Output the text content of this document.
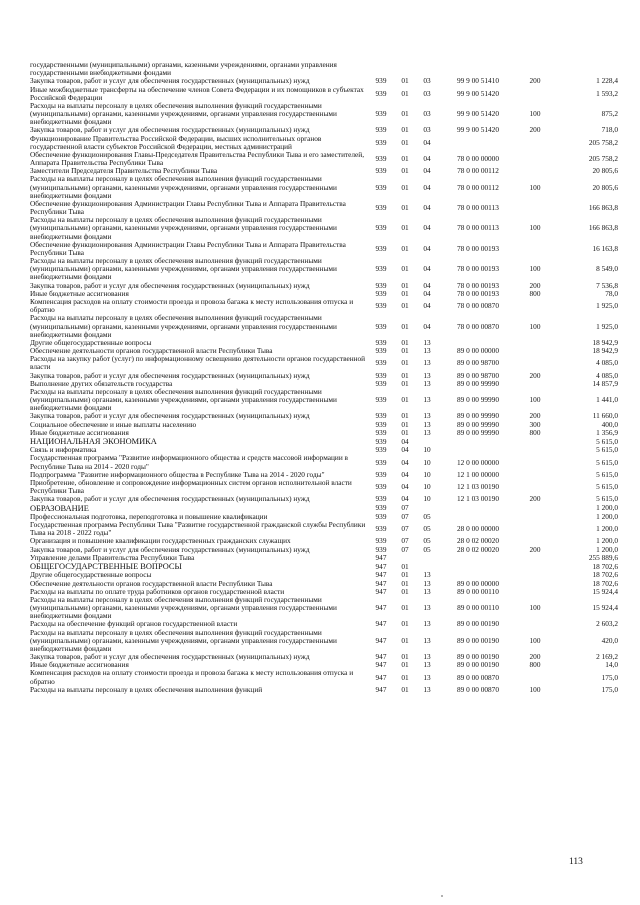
государственными (муниципальными) органами, казенными учреждениями, органами управления государственными внебюджетными фондами						
Закупка товаров, работ и услуг для обеспечения государственных (муниципальных) нужд	939	01	03	99 9 00 51410	200	1 228,4
Иные межбюджетные трансферты на обеспечение членов Совета Федерации и их помощников в субъектах Российской Федерации	939	01	03	99 9 00 51420		1 593,2
Расходы на выплаты персоналу в целях обеспечения выполнения функций государственными (муниципальными) органами, казенными учреждениями, органами управления государственными внебюджетными фондами	939	01	03	99 9 00 51420	100	875,2
Закупка товаров, работ и услуг для обеспечения государственных (муниципальных) нужд	939	01	03	99 9 00 51420	200	718,0
Функционирование Правительства Российской Федерации, высших исполнительных органов государственной власти субъектов Российской Федерации, местных администраций	939	01	04			205 758,2
Обеспечение функционирования Главы-Председателя Правительства Республики Тыва и его заместителей, Аппарата Правительства Республики Тыва	939	01	04	78 0 00 00000		205 758,2
Заместители Председателя Правительства Республики Тыва	939	01	04	78 0 00 00112		20 805,6
Расходы на выплаты персоналу в целях обеспечения выполнения функций государственными (муниципальными) органами, казенными учреждениями, органами управления государственными внебюджетными фондами	939	01	04	78 0 00 00112	100	20 805,6
Обеспечение функционирования Администрации Главы Республики Тыва и Аппарата Правительства Республики Тыва	939	01	04	78 0 00 00113		166 863,8
Расходы на выплаты персоналу в целях обеспечения выполнения функций государственными (муниципальными) органами, казенными учреждениями, органами управления государственными внебюджетными фондами	939	01	04	78 0 00 00113	100	166 863,8
Обеспечение функционирования Администрации Главы Республики Тыва и Аппарата Правительства Республики Тыва	939	01	04	78 0 00 00193		16 163,8
Расходы на выплаты персоналу в целях обеспечения выполнения функций государственными (муниципальными) органами, казенными учреждениями, органами управления государственными внебюджетными фондами	939	01	04	78 0 00 00193	100	8 549,0
Закупка товаров, работ и услуг для обеспечения государственных (муниципальных) нужд	939	01	04	78 0 00 00193	200	7 536,8
Иные бюджетные ассигнования	939	01	04	78 0 00 00193	800	78,0
Компенсация расходов на оплату стоимости проезда и провоза багажа к месту использования отпуска и обратно	939	01	04	78 0 00 00870		1 925,0
Расходы на выплаты персоналу в целях обеспечения выполнения функций государственными (муниципальными) органами, казенными учреждениями, органами управления государственными внебюджетными фондами	939	01	04	78 0 00 00870	100	1 925,0
Другие общегосударственные вопросы	939	01	13			18 942,9
Обеспечение деятельности органов государственной власти Республики Тыва	939	01	13	89 0 00 00000		18 942,9
Расходы на закупку работ (услуг) по информационному освещению деятельности органов государственной власти	939	01	13	89 0 00 98700		4 085,0
Закупка товаров, работ и услуг для обеспечения государственных (муниципальных) нужд	939	01	13	89 0 00 98700	200	4 085,0
Выполнение других обязательств государства	939	01	13	89 0 00 99990		14 857,9
Расходы на выплаты персоналу в целях обеспечения выполнения функций государственными (муниципальными) органами, казенными учреждениями, органами управления государственными внебюджетными фондами	939	01	13	89 0 00 99990	100	1 441,0
Закупка товаров, работ и услуг для обеспечения государственных (муниципальных) нужд	939	01	13	89 0 00 99990	200	11 660,0
Социальное обеспечение и иные выплаты населению	939	01	13	89 0 00 99990	300	400,0
Иные бюджетные ассигнования	939	01	13	89 0 00 99990	800	1 356,9
НАЦИОНАЛЬНАЯ ЭКОНОМИКА	939	04				5 615,0
Связь и информатика	939	04	10			5 615,0
Государственная программа "Развитие информационного общества и средств массовой информации в Республике Тыва на 2014 - 2020 годы"	939	04	10	12 0 00 00000		5 615,0
Подпрограмма "Развитие информационного общества в Республике Тыва на 2014 - 2020 годы"	939	04	10	12 1 00 00000		5 615,0
Приобретение, обновление и сопровождение информационных систем органов исполнительной власти Республики Тыва	939	04	10	12 1 03 00190		5 615,0
Закупка товаров, работ и услуг для обеспечения государственных (муниципальных) нужд	939	04	10	12 1 03 00190	200	5 615,0
ОБРАЗОВАНИЕ	939	07				1 200,0
Профессиональная подготовка, переподготовка и повышение квалификации	939	07	05			1 200,0
Государственная программа Республики Тыва "Развитие государственной гражданской службы Республики Тыва на 2018 - 2022 годы"	939	07	05	28 0 00 00000		1 200,0
Организация и повышение квалификации государственных гражданских служащих	939	07	05	28 0 02 00020		1 200,0
Закупка товаров, работ и услуг для обеспечения государственных (муниципальных) нужд	939	07	05	28 0 02 00020	200	1 200,0
Управление делами Правительства Республики Тыва	947					255 889,6
ОБЩЕГОСУДАРСТВЕННЫЕ ВОПРОСЫ	947	01				18 702,6
Другие общегосударственные вопросы	947	01	13			18 702,6
Обеспечение деятельности органов государственной власти Республики Тыва	947	01	13	89 0 00 00000		18 702,6
Расходы на выплаты по оплате труда работников органов государственной власти	947	01	13	89 0 00 00110		15 924,4
Расходы на выплаты персоналу в целях обеспечения выполнения функций государственными (муниципальными) органами, казенными учреждениями, органами управления государственными внебюджетными фондами	947	01	13	89 0 00 00110	100	15 924,4
Расходы на обеспечение функций органов государственной власти	947	01	13	89 0 00 00190		2 603,2
Расходы на выплаты персоналу в целях обеспечения выполнения функций государственными (муниципальными) органами, казенными учреждениями, органами управления государственными внебюджетными фондами	947	01	13	89 0 00 00190	100	420,0
Закупка товаров, работ и услуг для обеспечения государственных (муниципальных) нужд	947	01	13	89 0 00 00190	200	2 169,2
Иные бюджетные ассигнования	947	01	13	89 0 00 00190	800	14,0
Компенсация расходов на оплату стоимости проезда и провоза багажа к месту использования отпуска и обратно	947	01	13	89 0 00 00870		175,0
Расходы на выплаты персоналу в целях обеспечения выполнения функций	947	01	13	89 0 00 00870	100	175,0
113
